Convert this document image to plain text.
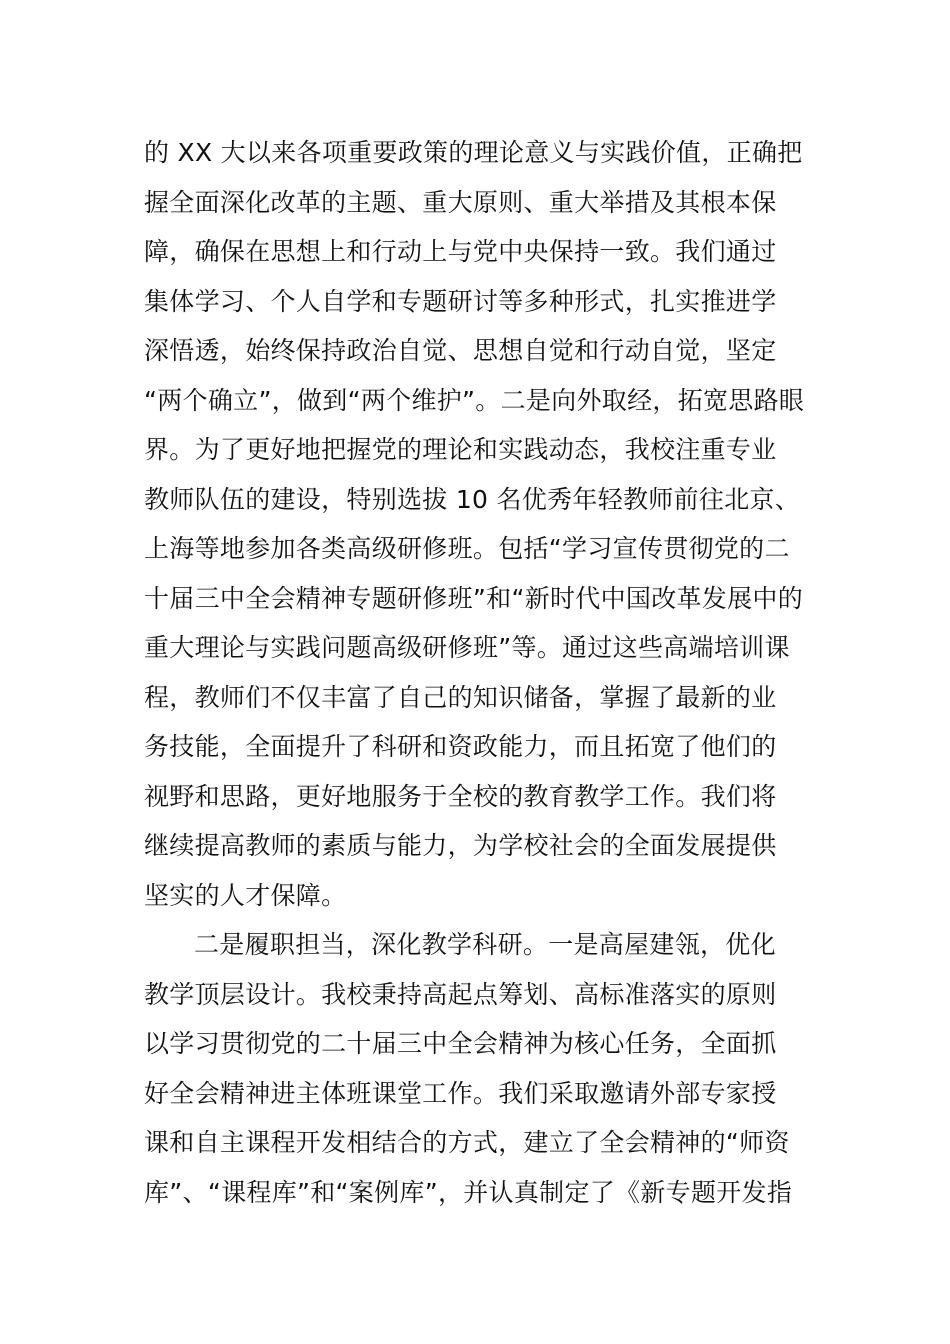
的 XX 大以来各项重要政策的理论意义与实践价值，正确把
握全面深化改革的主题、重大原则、重大举措及其根本保
障，确保在思想上和行动上与党中央保持一致。我们通过
集体学习、个人自学和专题研讨等多种形式，扎实推进学
深悟透，始终保持政治自觉、思想自觉和行动自觉，坚定
“两个确立”，做到“两个维护”。二是向外取经，拓宽思路眼
界。为了更好地把握党的理论和实践动态，我校注重专业
教师队伍的建设，特别选拔 10 名优秀年轻教师前往北京、
上海等地参加各类高级研修班。包括“学习宣传贯彻党的二
十届三中全会精神专题研修班”和“新时代中国改革发展中的
重大理论与实践问题高级研修班”等。通过这些高端培训课
程，教师们不仅丰富了自己的知识储备，掌握了最新的业
务技能，全面提升了科研和资政能力，而且拓宽了他们的
视野和思路，更好地服务于全校的教育教学工作。我们将
继续提高教师的素质与能力，为学校社会的全面发展提供
坚实的人才保障。
二是履职担当，深化教学科研。一是高屋建瓴，优化
教学顶层设计。我校秉持高起点筹划、高标准落实的原则
以学习贯彻党的二十届三中全会精神为核心任务，全面抓
好全会精神进主体班课堂工作。我们采取邀请外部专家授
课和自主课程开发相结合的方式，建立了全会精神的“师资
库”、“课程库”和“案例库”，并认真制定了《新专题开发指
